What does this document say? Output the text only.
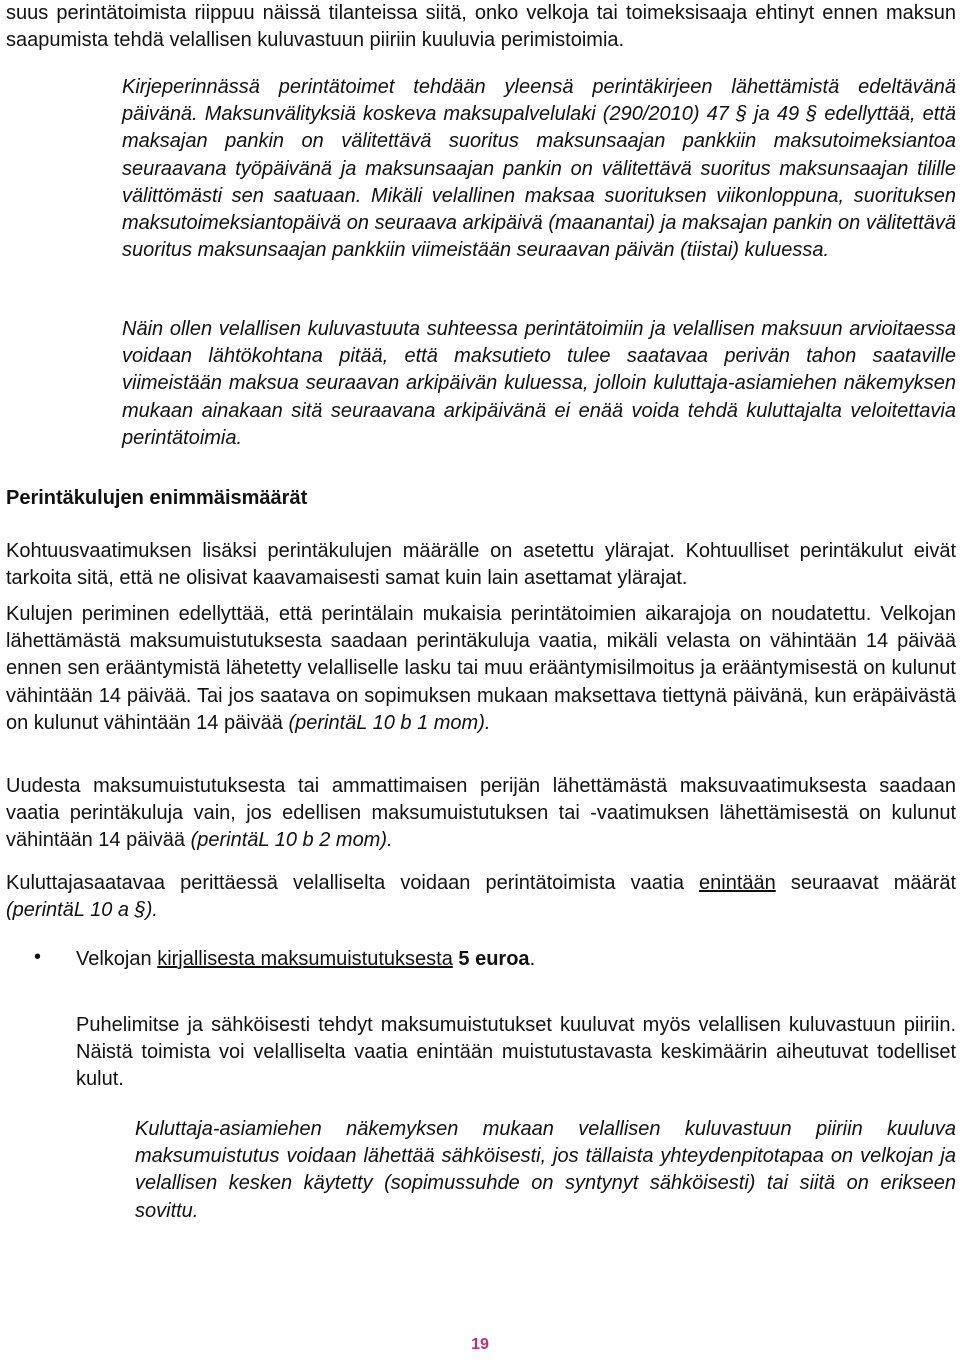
suus perintätoimista riippuu näissä tilanteissa siitä, onko velkoja tai toimeksisaaja ehtinyt ennen maksun saapumista tehdä velallisen kuluvastuun piiriin kuuluvia perimistoimia.

Kirjeperinnässä perintätoimet tehdään yleensä perintäkirjeen lähettämistä edeltävänä päivänä. Maksunvälityksiä koskeva maksupalvelulaki (290/2010) 47 § ja 49 § edellyttää, että maksajan pankin on välitettävä suoritus maksunsaajan pankkiin maksutoimeksiantoa seuraavana työpäivänä ja maksunsaajan pankin on välitettävä suoritus maksunsaajan tilille välittömästi sen saatuaan. Mikäli velallinen maksaa suorituksen viikonloppuna, suorituksen maksutoimeksiantopäivä on seuraava arkipäivä (maanantai) ja maksajan pankin on välitettävä suoritus maksunsaajan pankkiin viimeistään seuraavan päivän (tiistai) kuluessa.

Näin ollen velallisen kuluvastuuta suhteessa perintätoimiin ja velallisen maksuun arvioitaessa voidaan lähtökohtana pitää, että maksutieto tulee saatavaa perivän tahon saataville viimeistään maksua seuraavan arkipäivän kuluessa, jolloin kuluttaja-asiamiehen näkemyksen mukaan ainakaan sitä seuraavana arkipäivänä ei enää voida tehdä kuluttajalta veloitettavia perintätoimia.

Perintäkulujen enimmäismäärät

Kohtuusvaatimuksen lisäksi perintäkulujen määrälle on asetettu ylärajat. Kohtuulliset perintäkulut eivät tarkoita sitä, että ne olisivat kaavamaisesti samat kuin lain asettamat ylärajat.

Kulujen periminen edellyttää, että perintälain mukaisia perintätoimien aikarajoja on noudatettu. Velkojan lähettämästä maksumuistutuksesta saadaan perintäkuluja vaatia, mikäli velasta on vähintään 14 päivää ennen sen erääntymistä lähetetty velalliselle lasku tai muu erääntymisilmoitus ja erääntymisestä on kulunut vähintään 14 päivää. Tai jos saatava on sopimuksen mukaan maksettava tiettynä päivänä, kun eräpäivästä on kulunut vähintään 14 päivää (perintäL 10 b 1 mom).

Uudesta maksumuistutuksesta tai ammattimaisen perijän lähettämästä maksuvaatimuksesta saadaan vaatia perintäkuluja vain, jos edellisen maksumuistutuksen tai -vaatimuksen lähettämisestä on kulunut vähintään 14 päivää (perintäL 10 b 2 mom).

Kuluttajasaatavaa perittäessä velalliselta voidaan perintätoimista vaatia enintään seuraavat määrät (perintäL 10 a §).

• Velkojan kirjallisesta maksumuistutuksesta 5 euroa.

Puhelimitse ja sähköisesti tehdyt maksumuistutukset kuuluvat myös velallisen kuluvastuun piiriin. Näistä toimista voi velalliselta vaatia enintään muistutustavasta keskimäärin aiheutuvat todelliset kulut.

Kuluttaja-asiamiehen näkemyksen mukaan velallisen kuluvastuun piiriin kuuluva maksumuistutus voidaan lähettää sähköisesti, jos tällaista yhteydenpitotapaa on velkojan ja velallisen kesken käytetty (sopimussuhde on syntynyt sähköisesti) tai siitä on erikseen sovittu.

19
